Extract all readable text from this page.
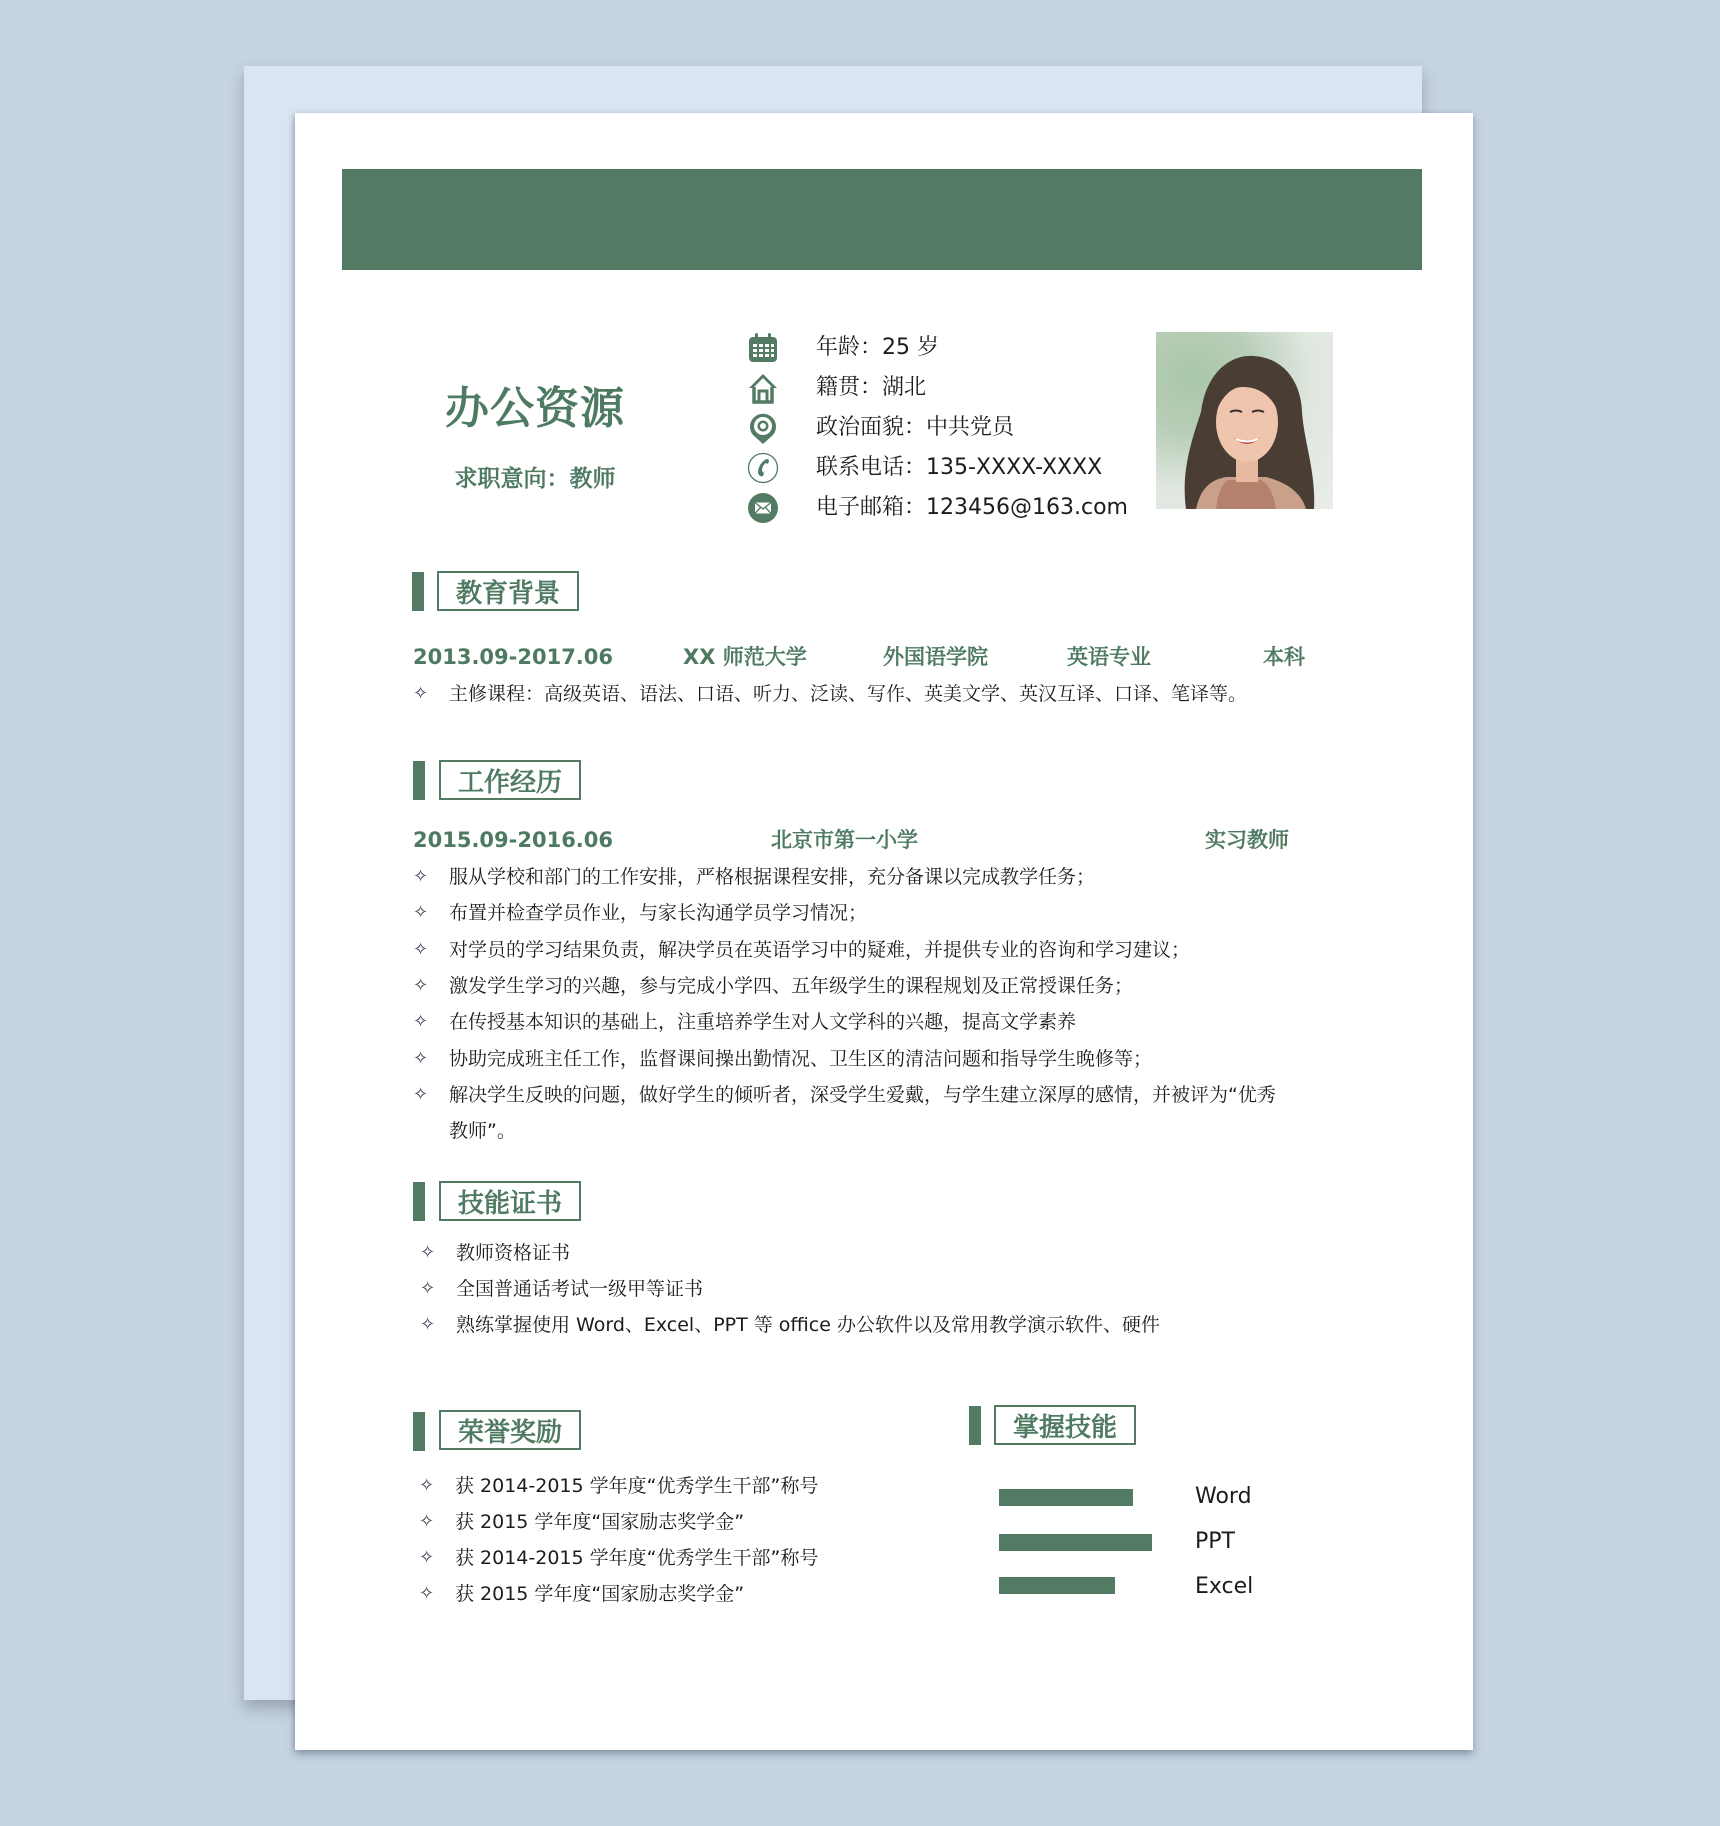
办公资源
求职意向：教师
年龄：25 岁
籍贯：湖北
政治面貌：中共党员
联系电话：135-XXXX-XXXX
电子邮箱：123456@163.com
教育背景
2013.09-2017.06	XX 师范大学	外国语学院	英语专业	本科
✧ 主修课程：高级英语、语法、口语、听力、泛读、写作、英美文学、英汉互译、口译、笔译等。
工作经历
2015.09-2016.06	北京市第一小学	实习教师
✧ 服从学校和部门的工作安排，严格根据课程安排，充分备课以完成教学任务；
✧ 布置并检查学员作业，与家长沟通学员学习情况；
✧ 对学员的学习结果负责，解决学员在英语学习中的疑难，并提供专业的咨询和学习建议；
✧ 激发学生学习的兴趣，参与完成小学四、五年级学生的课程规划及正常授课任务；
✧ 在传授基本知识的基础上，注重培养学生对人文学科的兴趣，提高文学素养
✧ 协助完成班主任工作，监督课间操出勤情况、卫生区的清洁问题和指导学生晚修等；
✧ 解决学生反映的问题，做好学生的倾听者，深受学生爱戴，与学生建立深厚的感情，并被评为“优秀
教师”。
技能证书
✧ 教师资格证书
✧ 全国普通话考试一级甲等证书
✧ 熟练掌握使用 Word、Excel、PPT 等 office 办公软件以及常用教学演示软件、硬件
荣誉奖励
✧ 获 2014-2015 学年度“优秀学生干部”称号
✧ 获 2015 学年度“国家励志奖学金”
✧ 获 2014-2015 学年度“优秀学生干部”称号
✧ 获 2015 学年度“国家励志奖学金”
掌握技能
Word
PPT
Excel
